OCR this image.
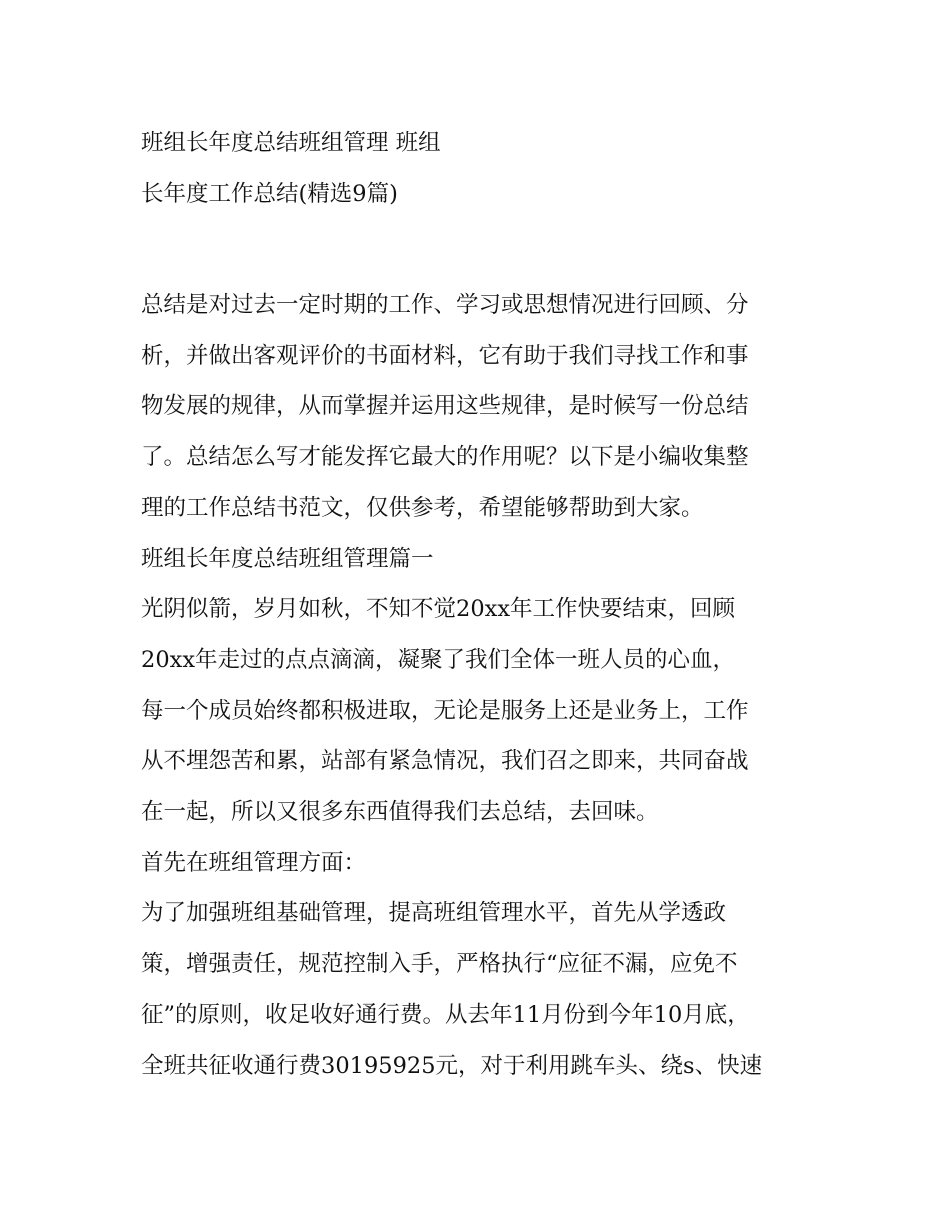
班组长年度总结班组管理 班组
长年度工作总结(精选9篇)
总结是对过去一定时期的工作、学习或思想情况进行回顾、分
析，并做出客观评价的书面材料，它有助于我们寻找工作和事
物发展的规律，从而掌握并运用这些规律，是时候写一份总结
了。总结怎么写才能发挥它最大的作用呢？以下是小编收集整
理的工作总结书范文，仅供参考，希望能够帮助到大家。
班组长年度总结班组管理篇一
光阴似箭，岁月如秋，不知不觉20xx年工作快要结束，回顾
20xx年走过的点点滴滴，凝聚了我们全体一班人员的心血，
每一个成员始终都积极进取，无论是服务上还是业务上，工作
从不埋怨苦和累，站部有紧急情况，我们召之即来，共同奋战
在一起，所以又很多东西值得我们去总结，去回味。
首先在班组管理方面：
为了加强班组基础管理，提高班组管理水平，首先从学透政
策，增强责任，规范控制入手，严格执行“应征不漏，应免不
征”的原则，收足收好通行费。从去年11月份到今年10月底，
全班共征收通行费30195925元，对于利用跳车头、绕s、快速
